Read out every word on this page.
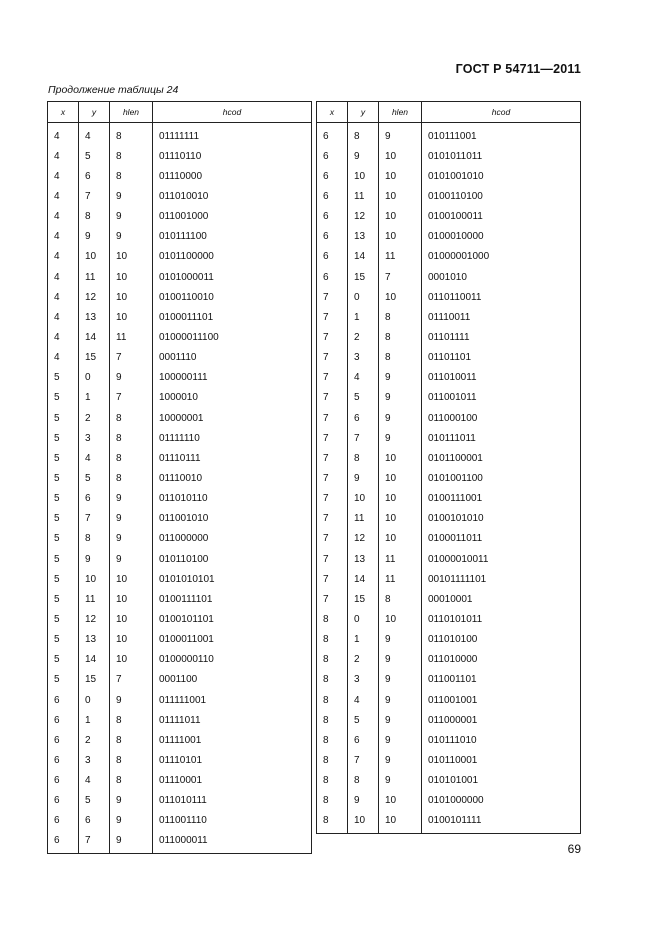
ГОСТ Р 54711—2011
Продолжение таблицы 24
x	y	hlen	hcod
4	4	8	01111111
4	5	8	01110110
4	6	8	01110000
4	7	9	011010010
4	8	9	011001000
4	9	9	010111100
4	10	10	0101100000
4	11	10	0101000011
4	12	10	0100110010
4	13	10	0100011101
4	14	11	01000011100
4	15	7	0001110
5	0	9	100000111
5	1	7	1000010
5	2	8	10000001
5	3	8	01111110
5	4	8	01110111
5	5	8	01110010
5	6	9	011010110
5	7	9	011001010
5	8	9	011000000
5	9	9	010110100
5	10	10	0101010101
5	11	10	0100111101
5	12	10	0100101101
5	13	10	0100011001
5	14	10	0100000110
5	15	7	0001100
6	0	9	011111001
6	1	8	01111011
6	2	8	01111001
6	3	8	01110101
6	4	8	01110001
6	5	9	011010111
6	6	9	011001110
6	7	9	011000011
x	y	hlen	hcod
6	8	9	010111001
6	9	10	0101011011
6	10	10	0101001010
6	11	10	0100110100
6	12	10	0100100011
6	13	10	0100010000
6	14	11	01000001000
6	15	7	0001010
7	0	10	0110110011
7	1	8	01110011
7	2	8	01101111
7	3	8	01101101
7	4	9	011010011
7	5	9	011001011
7	6	9	011000100
7	7	9	010111011
7	8	10	0101100001
7	9	10	0101001100
7	10	10	0100111001
7	11	10	0100101010
7	12	10	0100011011
7	13	11	01000010011
7	14	11	00101111101
7	15	8	00010001
8	0	10	0110101011
8	1	9	011010100
8	2	9	011010000
8	3	9	011001101
8	4	9	011001001
8	5	9	011000001
8	6	9	010111010
8	7	9	010110001
8	8	9	010101001
8	9	10	0101000000
8	10	10	0100101111
69
